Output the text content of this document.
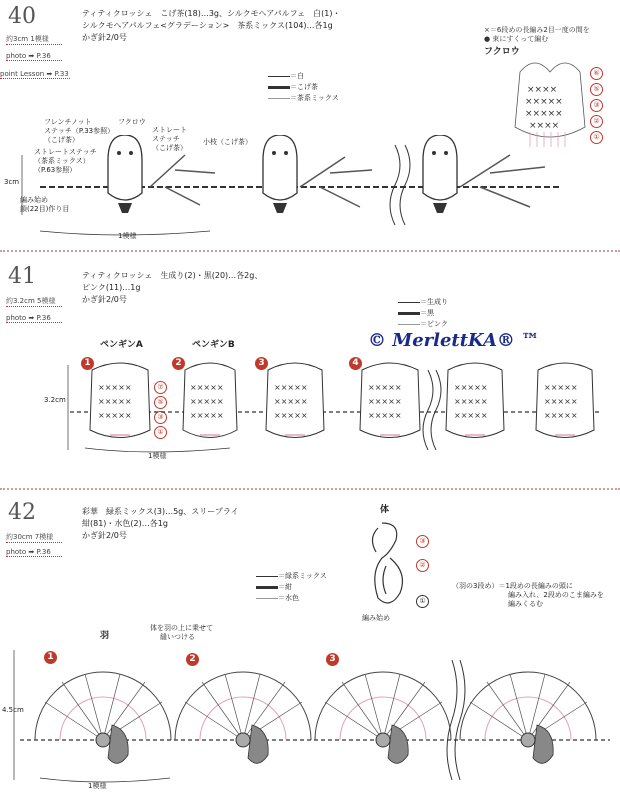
40
約3cm 1模様
photo ➡ P.36
point Lesson ➡ P.33
ティティクロッシェ　こげ茶(18)…3g、シルクモヘアパルフェ　白(1)・
シルクモヘアパルフェ<グラデーション>　茶系ミックス(104)…各1g
かぎ針2/0号
＝白
＝こげ茶
＝茶系ミックス
×＝6段めの長編み2目一度の間を
● 束にすくって編む
フクロウ
××××
×××××
×××××
××××
⑥
⑤
③
②
①
フレンチノット
ステッチ（P.33参照）
（こげ茶）
フクロウ
ストレート
ステッチ
（こげ茶）
小枝（こげ茶）
ストレートステッチ
（茶系ミックス）
（P.63参照）
3cm
編み始め
鎖(22目)作り目
1模様
41
約3.2cm 5模様
photo ➡ P.36
ティティクロッシェ　生成り(2)・黒(20)…各2g、
ピンク(11)…1g
かぎ針2/0号	＝生成り
＝黒
＝ピンク
© MerlettKA® ™
ペンギンA	ペンギンB
1	2	3	4
⑦
⑤
③
①
3.2cm
1模様
×××××
×××××
×××××
×××××
×××××
×××××
×××××
×××××
×××××
×××××
×××××
×××××
×××××
×××××
×××××
×××××
×××××
×××××
42
約30cm 7模様
photo ➡ P.36
彩華　緑系ミックス(3)…5g、スリープライ
紺(81)・水色(2)…各1g
かぎ針2/0号
＝緑系ミックス
＝紺
＝水色
体
③
②
①
編み始め
（羽の3段め）＝1段めの長編みの頭に
編み入れ、2段めのこま編みを
編みくるむ
羽
体を羽の上に乗せて
縫いつける
1	2	3
4.5cm
1模様
